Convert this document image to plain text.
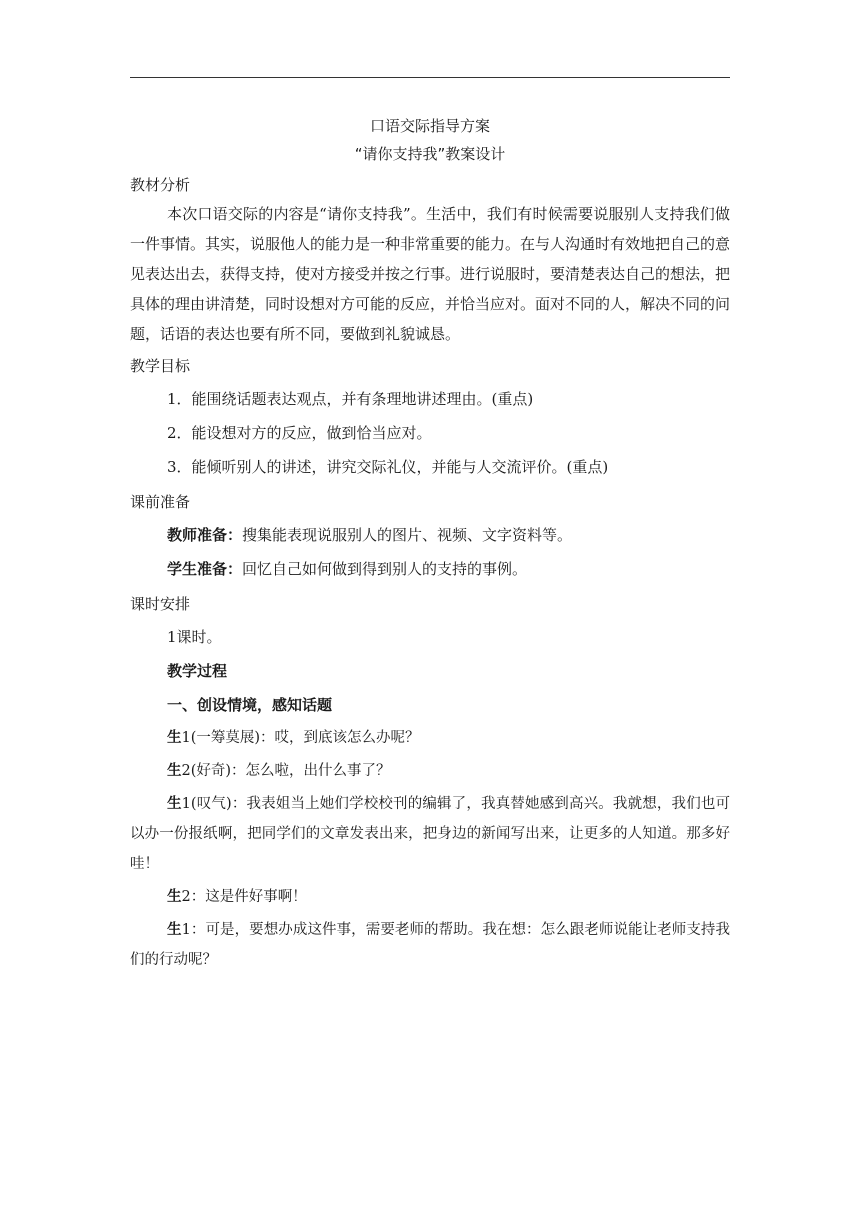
口语交际指导方案
“请你支持我”教案设计
教材分析
本次口语交际的内容是“请你支持我”。生活中，我们有时候需要说服别人支持我们做一件事情。其实，说服他人的能力是一种非常重要的能力。在与人沟通时有效地把自己的意见表达出去，获得支持，使对方接受并按之行事。进行说服时，要清楚表达自己的想法，把具体的理由讲清楚，同时设想对方可能的反应，并恰当应对。面对不同的人，解决不同的问题，话语的表达也要有所不同，要做到礼貌诚恳。
教学目标
1．能围绕话题表达观点，并有条理地讲述理由。(重点)
2．能设想对方的反应，做到恰当应对。
3．能倾听别人的讲述，讲究交际礼仪，并能与人交流评价。(重点)
课前准备
教师准备：搜集能表现说服别人的图片、视频、文字资料等。
学生准备：回忆自己如何做到得到别人的支持的事例。
课时安排
1课时。
教学过程
一、创设情境，感知话题
生1(一筹莫展)：哎，到底该怎么办呢？
生2(好奇)：怎么啦，出什么事了？
生1(叹气)：我表姐当上她们学校校刊的编辑了，我真替她感到高兴。我就想，我们也可以办一份报纸啊，把同学们的文章发表出来，把身边的新闻写出来，让更多的人知道。那多好哇！
生2：这是件好事啊！
生1：可是，要想办成这件事，需要老师的帮助。我在想：怎么跟老师说能让老师支持我们的行动呢？
